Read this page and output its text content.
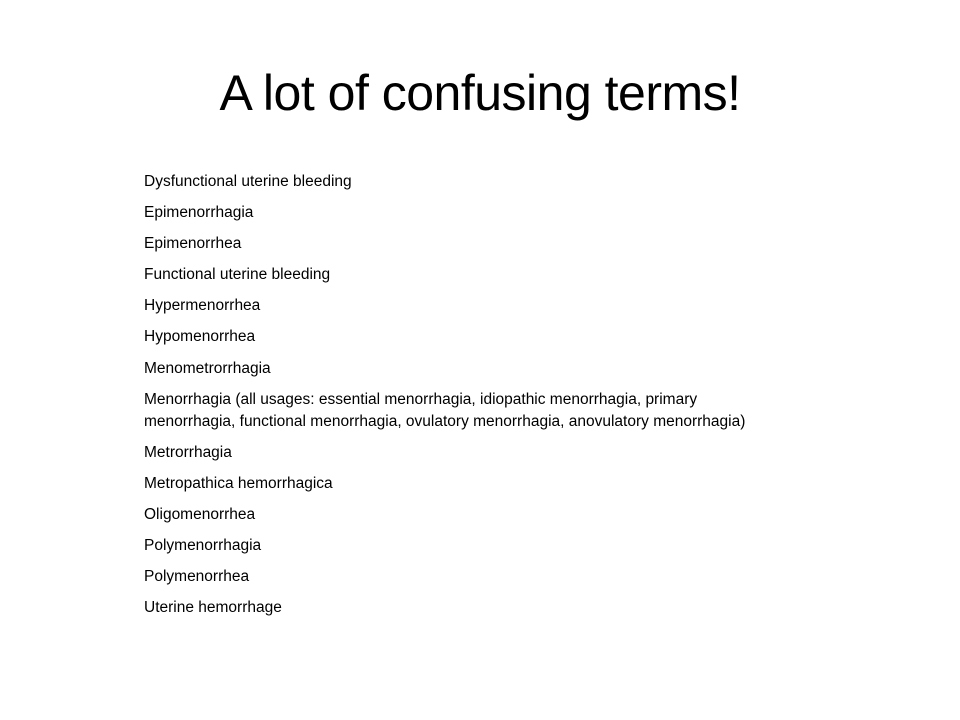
A lot of confusing terms!
Dysfunctional uterine bleeding
Epimenorrhagia
Epimenorrhea
Functional uterine bleeding
Hypermenorrhea
Hypomenorrhea
Menometrorrhagia
Menorrhagia (all usages: essential menorrhagia, idiopathic menorrhagia, primary menorrhagia, functional menorrhagia, ovulatory menorrhagia, anovulatory menorrhagia)
Metrorrhagia
Metropathica hemorrhagica
Oligomenorrhea
Polymenorrhagia
Polymenorrhea
Uterine hemorrhage
